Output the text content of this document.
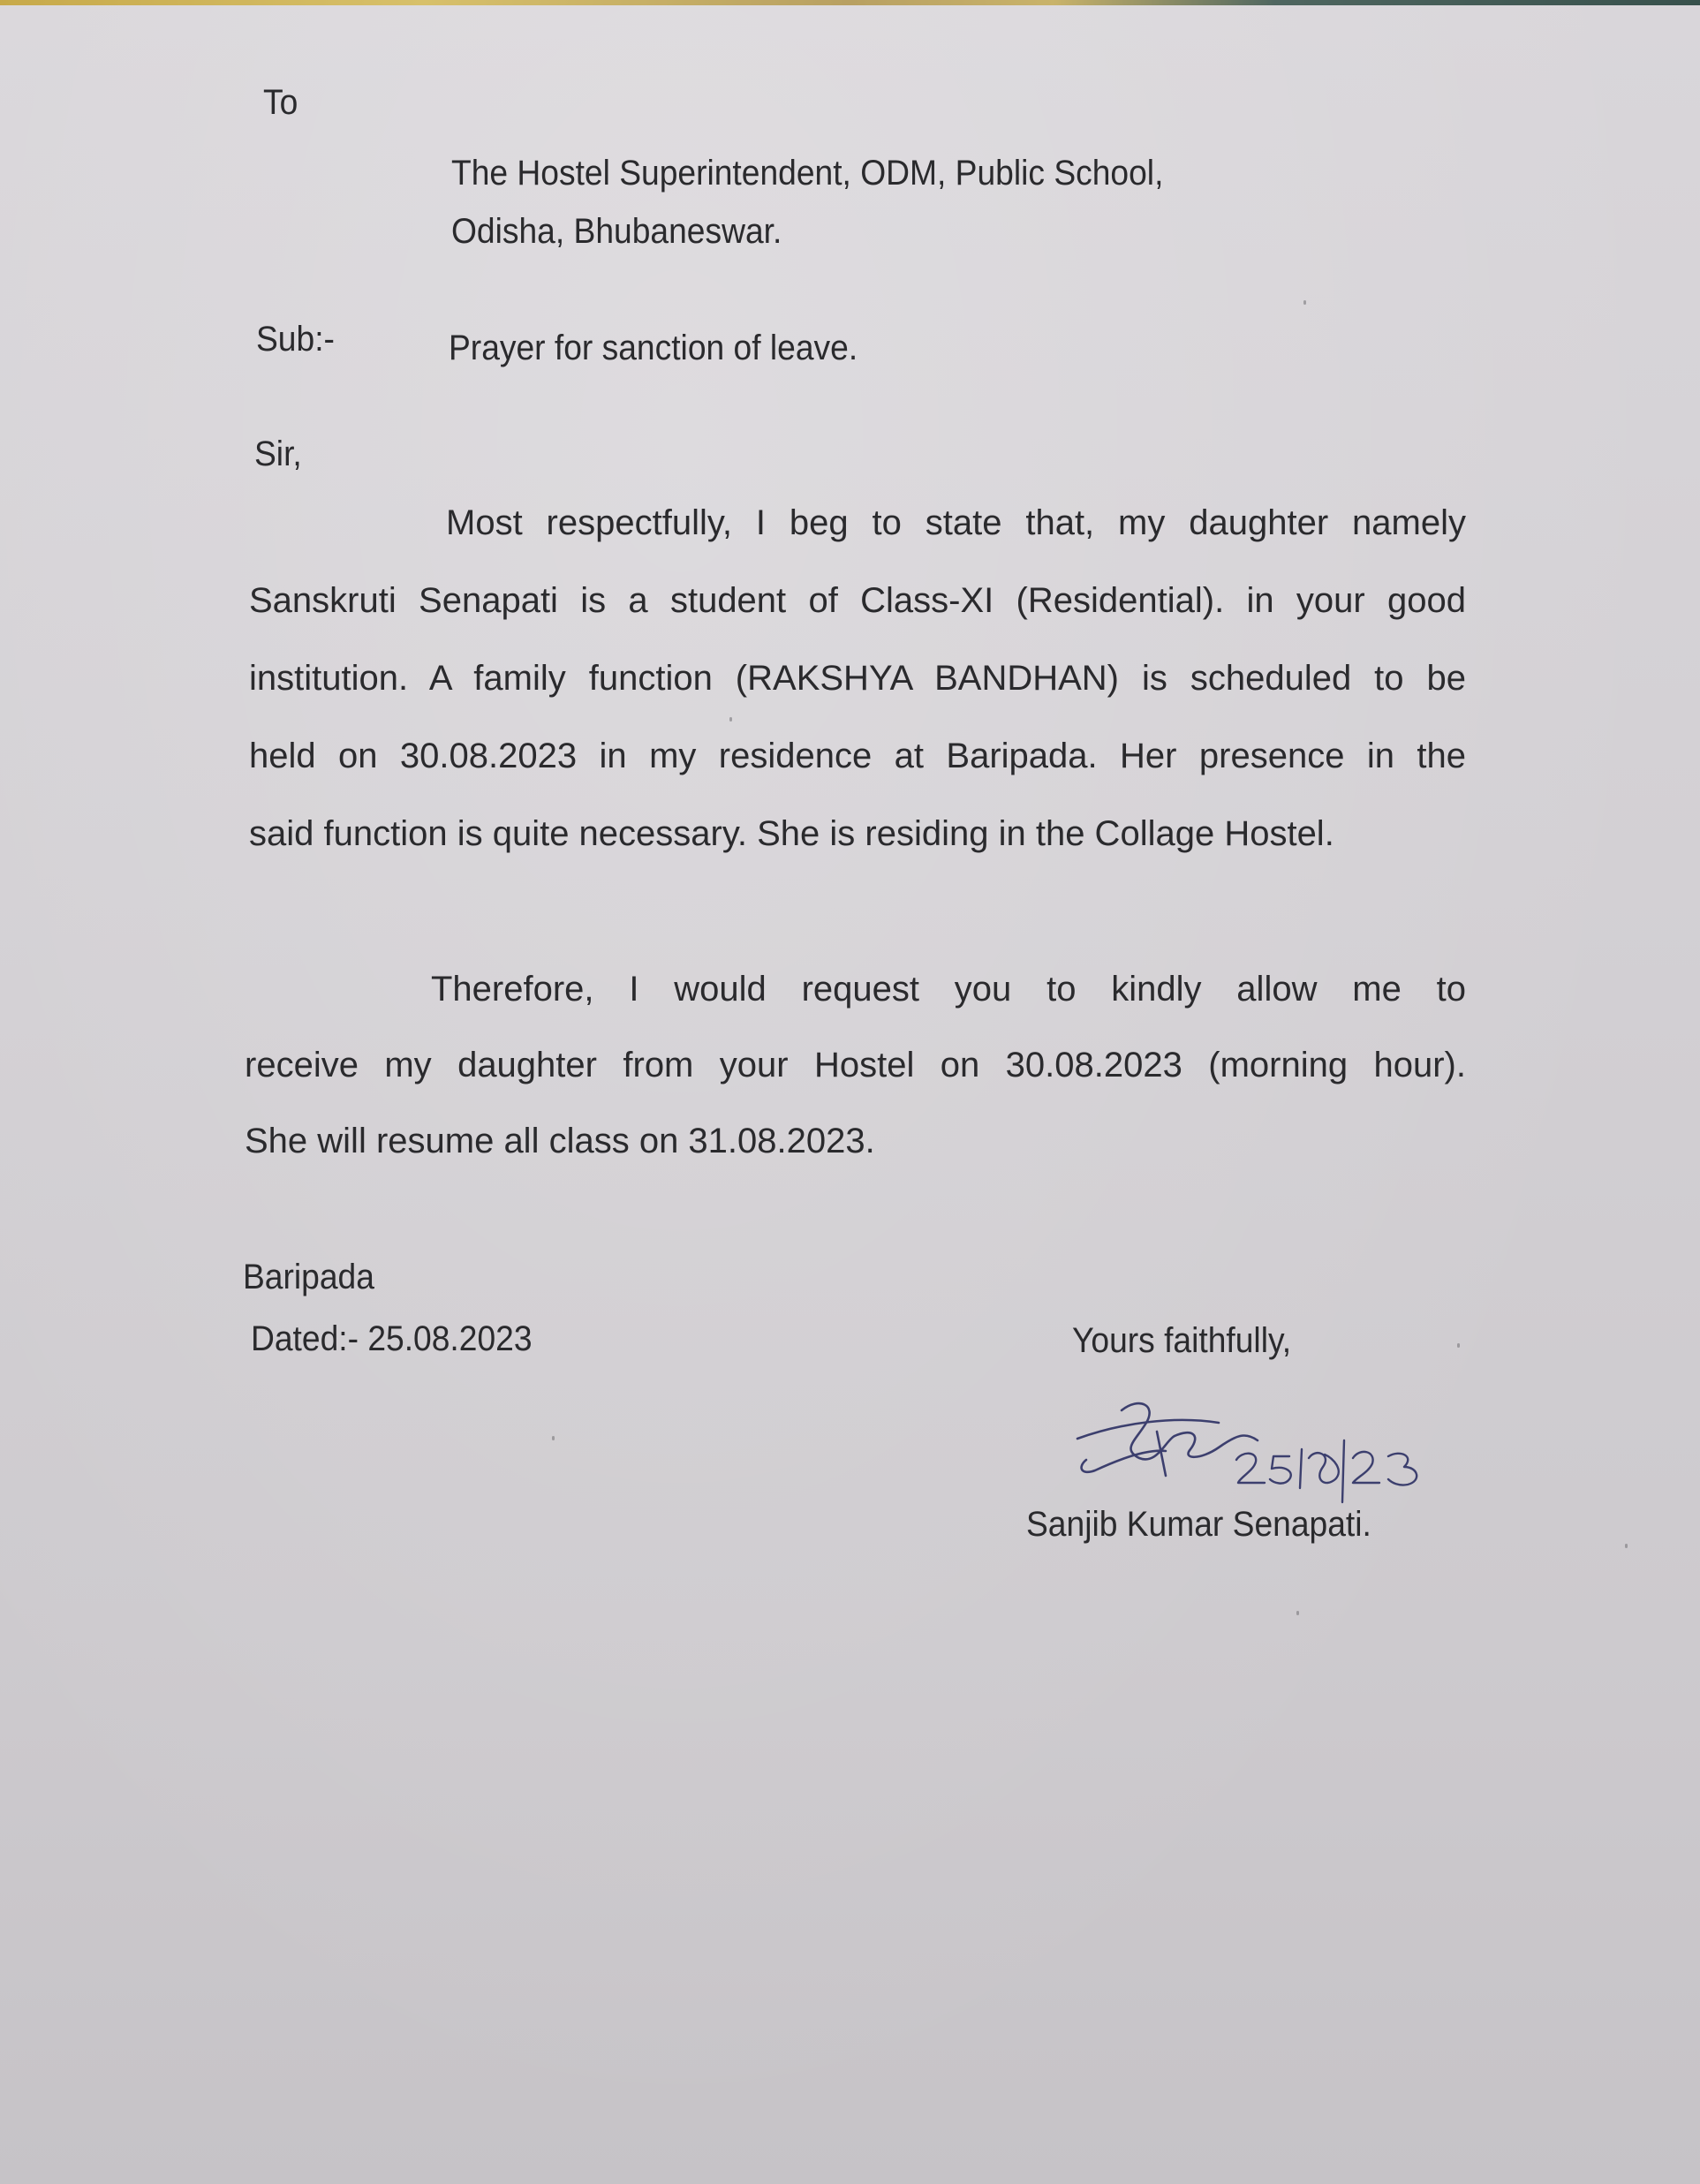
To
The Hostel Superintendent, ODM, Public School,
Odisha, Bhubaneswar.
Sub:-	Prayer for sanction of leave.
Sir,
Most respectfully, I beg to state that, my daughter namely
Sanskruti Senapati is a student of Class-XI (Residential). in your good
institution. A family function (RAKSHYA BANDHAN) is scheduled to be
held on 30.08.2023 in my residence at Baripada. Her presence in the
said function is quite necessary. She is residing in the Collage Hostel.
Therefore, I would request you to kindly allow me to
receive my daughter from your Hostel on 30.08.2023 (morning hour).
She will resume all class on 31.08.2023.
Baripada
Dated:- 25.08.2023	Yours faithfully,
Sanjib Kumar Senapati.
